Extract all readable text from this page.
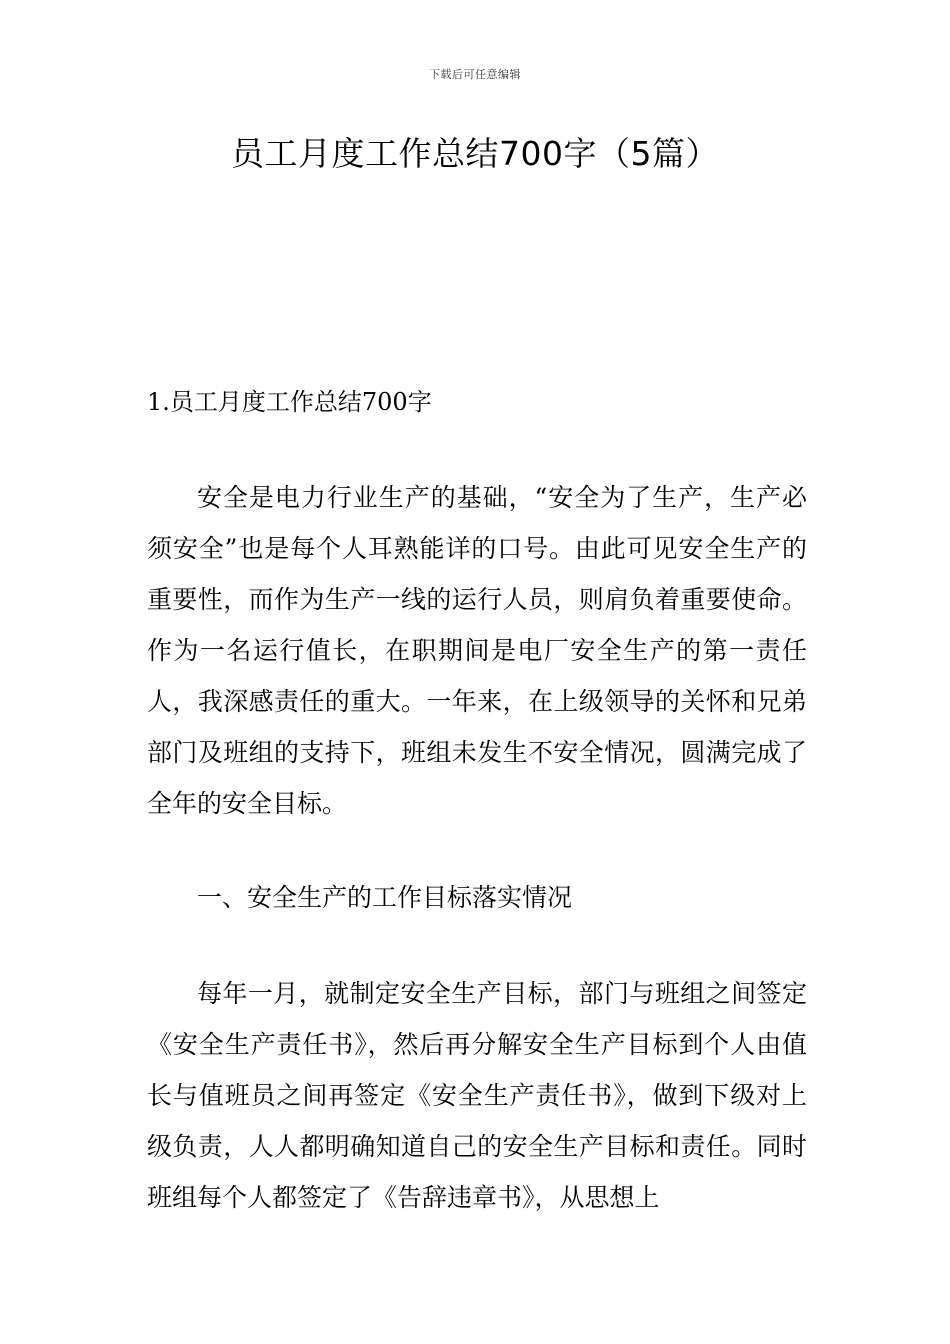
下载后可任意编辑
员工月度工作总结700字（5篇）
1.员工月度工作总结700字

安全是电力行业生产的基础，“安全为了生产，生产必须安全”也是每个人耳熟能详的口号。由此可见安全生产的重要性，而作为生产一线的运行人员，则肩负着重要使命。作为一名运行值长，在职期间是电厂安全生产的第一责任人，我深感责任的重大。一年来，在上级领导的关怀和兄弟部门及班组的支持下，班组未发生不安全情况，圆满完成了全年的安全目标。

一、安全生产的工作目标落实情况

每年一月，就制定安全生产目标，部门与班组之间签定《安全生产责任书》，然后再分解安全生产目标到个人由值长与值班员之间再签定《安全生产责任书》，做到下级对上级负责，人人都明确知道自己的安全生产目标和责任。同时班组每个人都签定了《告辞违章书》，从思想上
